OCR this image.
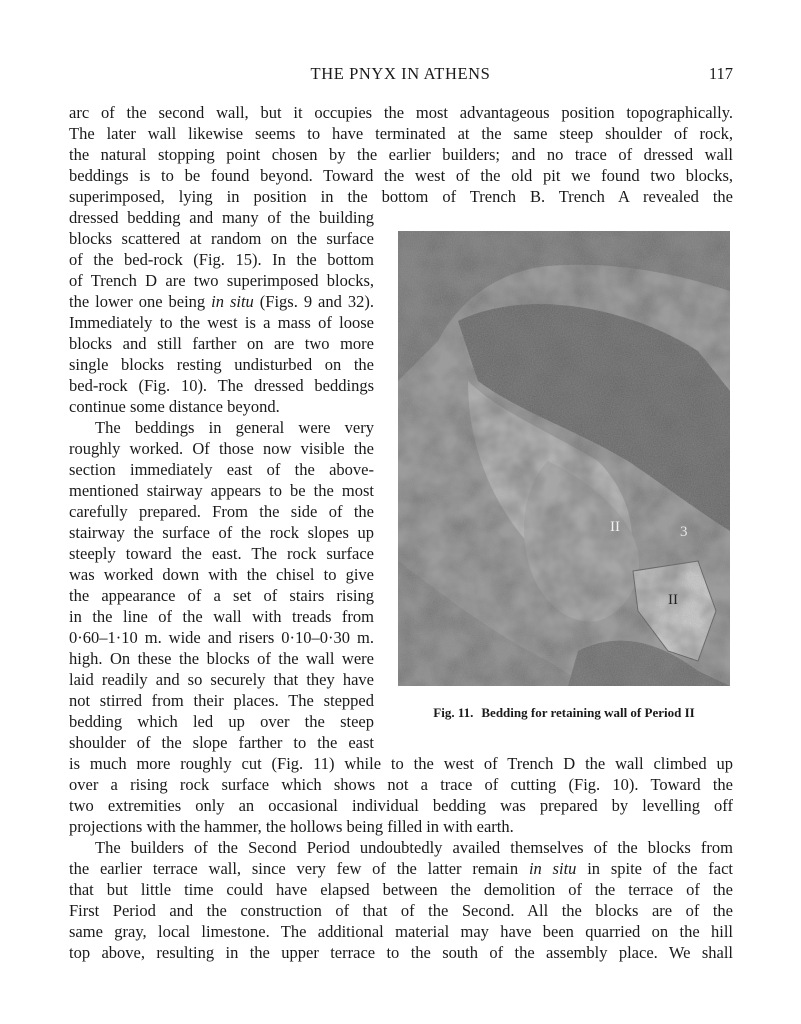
THE PNYX IN ATHENS	117
arc of the second wall, but it occupies the most advantageous position topographically.
The later wall likewise seems to have terminated at the same steep shoulder of rock,
the natural stopping point chosen by the earlier builders; and no trace of dressed wall
beddings is to be found beyond. Toward the west of the old pit we found two blocks,
superimposed, lying in position in the bottom of Trench B. Trench A revealed the
dressed bedding and many of the building
blocks scattered at random on the surface
of the bed-rock (Fig. 15). In the bottom
of Trench D are two superimposed blocks,
the lower one being in situ (Figs. 9 and 32).
Immediately to the west is a mass of loose
blocks and still farther on are two more
single blocks resting undisturbed on the
bed-rock (Fig. 10). The dressed beddings
continue some distance beyond.
The beddings in general were very
roughly worked. Of those now visible the
section immediately east of the above-
mentioned stairway appears to be the most
carefully prepared. From the side of the
stairway the surface of the rock slopes up
steeply toward the east. The rock surface
was worked down with the chisel to give
the appearance of a set of stairs rising
in the line of the wall with treads from
0·60–1·10 m. wide and risers 0·10–0·30 m.
high. On these the blocks of the wall were
laid readily and so securely that they have
not stirred from their places. The stepped
bedding which led up over the steep
shoulder of the slope farther to the east
is much more roughly cut (Fig. 11) while to the west of Trench D the wall climbed up
over a rising rock surface which shows not a trace of cutting (Fig. 10). Toward the
two extremities only an occasional individual bedding was prepared by levelling off
projections with the hammer, the hollows being filled in with earth.
The builders of the Second Period undoubtedly availed themselves of the blocks from
the earlier terrace wall, since very few of the latter remain in situ in spite of the fact
that but little time could have elapsed between the demolition of the terrace of the
First Period and the construction of that of the Second. All the blocks are of the
same gray, local limestone. The additional material may have been quarried on the hill
top above, resulting in the upper terrace to the south of the assembly place. We shall
II
II
3
Fig. 11. Bedding for retaining wall of Period II
